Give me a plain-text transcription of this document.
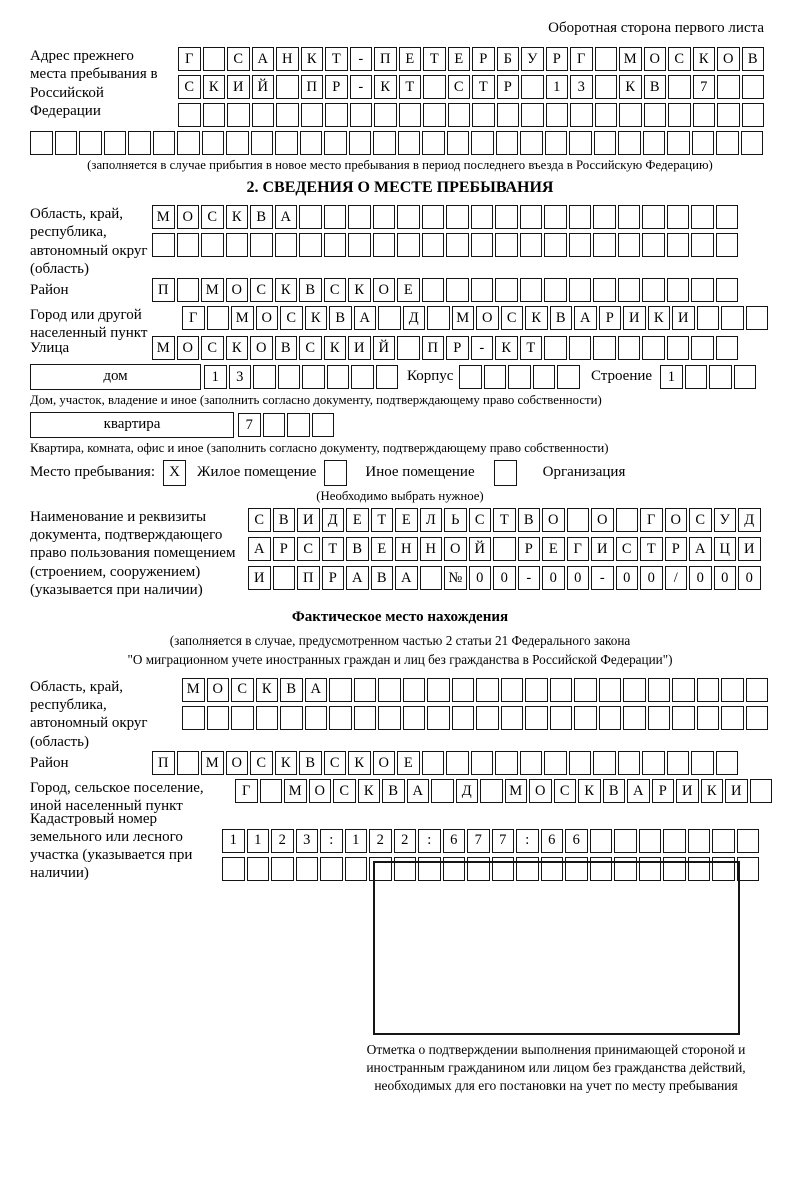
Оборотная сторона первого листа
Адрес прежнего места пребывания в Российской Федерации
Г	С А Н К	Т	-	П	Е	Т	Е	Р	Б	У	Р	Г	М О С	К О В
С	К И Й	П	Р	-	К	Т	С	Т	Р	1	3	К	В	7
(заполняется в случае прибытия в новое место пребывания в период последнего въезда в Российскую Федерацию)
2. СВЕДЕНИЯ О МЕСТЕ ПРЕБЫВАНИЯ
Область, край, республика, автономный округ (область)
М О С	К	В А
Район	П	М О С	К	В	С	К О	Е
Город или другой населенный пункт
Г	М О С	К	В А	Д	М О С	К	В А	Р	И К И
Улица	М О С	К О В	С	К И Й	П	Р	-	К	Т
дом	1	3	Корпус	Строение	1
Дом, участок, владение и иное (заполнить согласно документу, подтверждающему право собственности)
квартира	7
Квартира, комната, офис и иное (заполнить согласно документу, подтверждающему право собственности)
Место пребывания: X	Жилое помещение	Иное помещение	Организация
(Необходимо выбрать нужное)
Наименование и реквизиты документа, подтверждающего право пользования помещением (строением, сооружением) (указывается при наличии)
С	В И Д	Е	Т	Е	Л	Ь	С	Т	В О	О	Г	О С	У Д
А	Р	С	Т	В	Е	Н Н О Й	Р	Е	Г	И С	Т	Р	А Ц И
И	П	Р	А В А	№ 0	0	-	0	0	-	0	0	/	0	0	0
Фактическое место нахождения
(заполняется в случае, предусмотренном частью 2 статьи 21 Федерального закона
"О миграционном учете иностранных граждан и лиц без гражданства в Российской Федерации")
Область, край, республика, автономный округ (область)
М О С	К	В А
Район	П	М О С	К	В	С	К О	Е
Город, сельское поселение, иной населенный пункт
Г	М О С	К	В А	Д	М О С	К	В А	Р	И К И
Кадастровый номер земельного или лесного участка (указывается при наличии)
1	1	2	3	:	1	2	2	:	6	7	7	:	6	6
Отметка о подтверждении выполнения принимающей стороной и иностранным гражданином или лицом без гражданства действий, необходимых для его постановки на учет по месту пребывания
